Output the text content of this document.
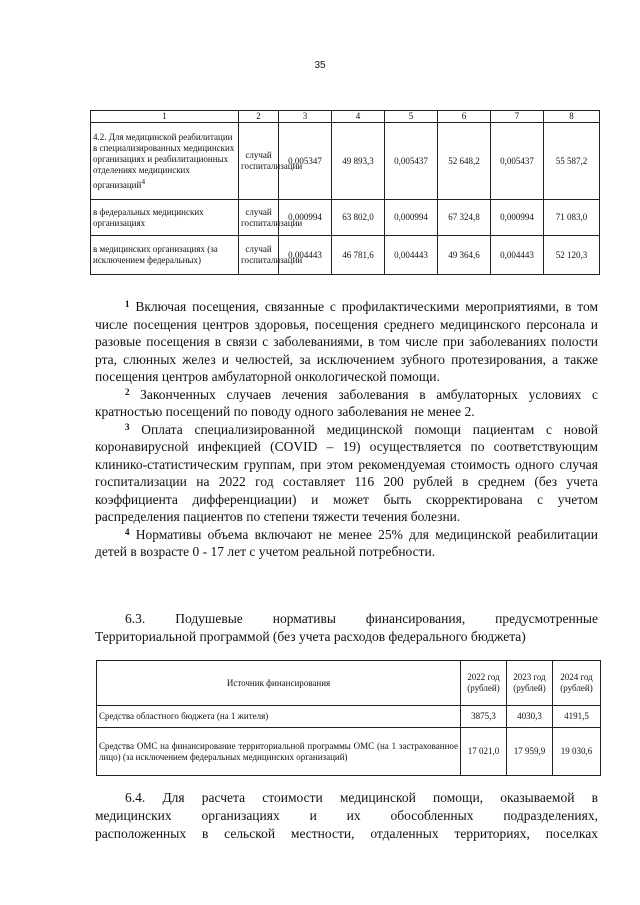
35
1	2	3	4	5	6	7	8
4.2. Для медицинской реабилитации в специализированных медицинских организациях и реабилитационных отделениях медицинских организаций$^4$	случай госпитализации	0,005347	49 893,3	0,005437	52 648,2	0,005437	55 587,2
в федеральных медицинских организациях	случай госпитализации	0,000994	63 802,0	0,000994	67 324,8	0,000994	71 083,0
в медицинских организациях (за исключением федеральных)	случай госпитализации	0,004443	46 781,6	0,004443	49 364,6	0,004443	52 120,3

$^1$ Включая посещения, связанные с профилактическими мероприятиями, в том числе посещения центров здоровья, посещения среднего медицинского персонала и разовые посещения в связи с заболеваниями, в том числе при заболеваниях полости рта, слюнных желез и челюстей, за исключением зубного протезирования, а также посещения центров амбулаторной онкологической помощи.

$^2$ Законченных случаев лечения заболевания в амбулаторных условиях с кратностью посещений по поводу одного заболевания не менее 2.

$^3$ Оплата специализированной медицинской помощи пациентам с новой коронавирусной инфекцией (COVID – 19) осуществляется по соответствующим клинико-статистическим группам, при этом рекомендуемая стоимость одного случая госпитализации на 2022 год составляет 116 200 рублей в среднем (без учета коэффициента дифференциации) и может быть скорректирована с учетом распределения пациентов по степени тяжести течения болезни.

$^4$ Нормативы объема включают не менее 25% для медицинской реабилитации детей в возрасте 0 - 17 лет с учетом реальной потребности.

6.3. Подушевые нормативы финансирования, предусмотренные

Территориальной программой (без учета расходов федерального бюджета)

Источник финансирования	2022 год (рублей)	2023 год (рублей)	2024 год (рублей)
Средства областного бюджета (на 1 жителя)	3875,3	4030,3	4191,5
Средства ОМС на финансирование территориальной программы ОМС (на 1 застрахованное лицо) (за исключением федеральных медицинских организаций)	17 021,0	17 959,9	19 030,6

6.4. Для расчета стоимости медицинской помощи, оказываемой в

медицинских организациях и их обособленных подразделениях,

расположенных в сельской местности, отдаленных территориях, поселках
